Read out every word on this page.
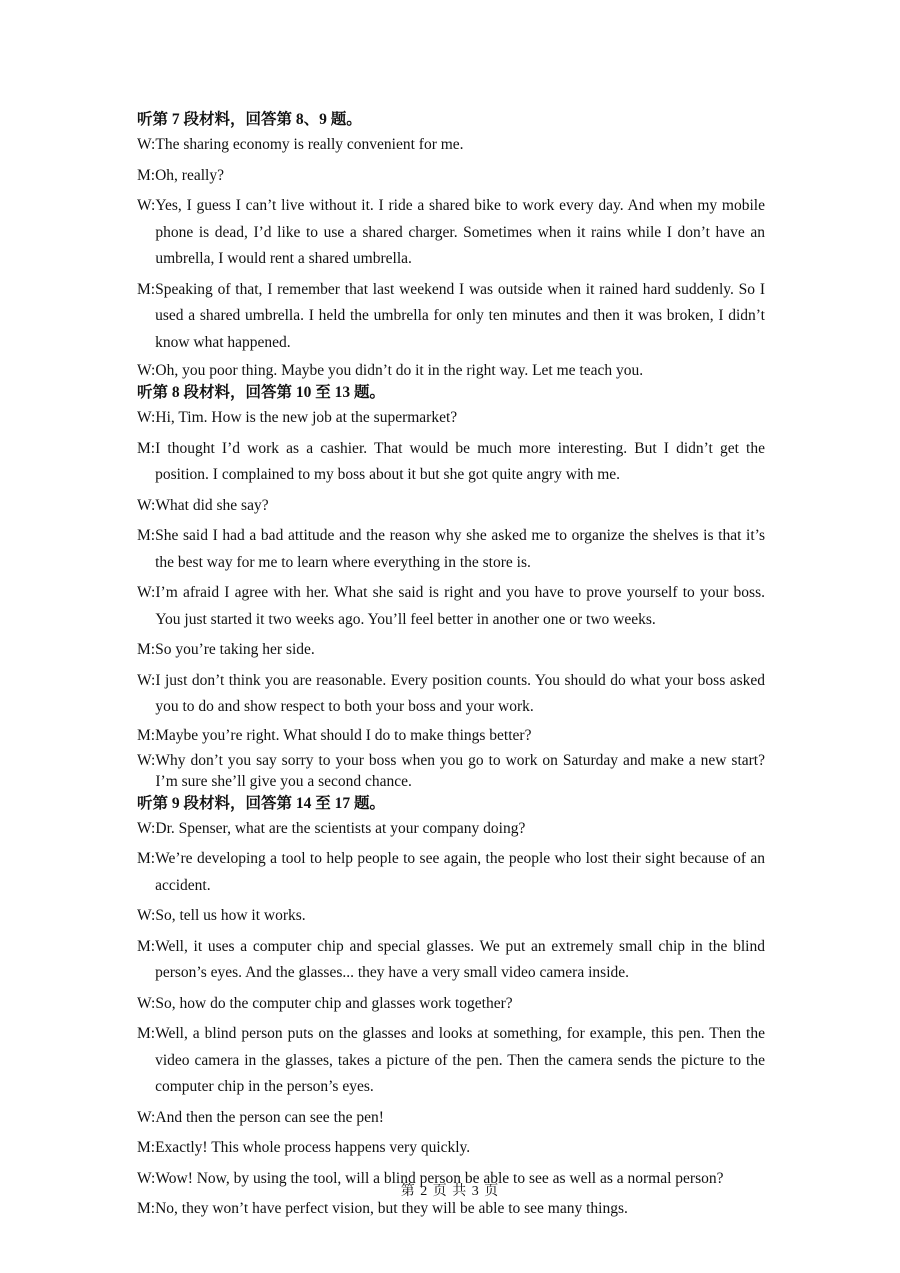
听第 7 段材料，回答第 8、9 题。
W: The sharing economy is really convenient for me.
M: Oh, really?
W: Yes, I guess I can’t live without it. I ride a shared bike to work every day. And when my mobile phone is dead, I’d like to use a shared charger. Sometimes when it rains while I don’t have an umbrella, I would rent a shared umbrella.
M: Speaking of that, I remember that last weekend I was outside when it rained hard suddenly. So I used a shared umbrella. I held the umbrella for only ten minutes and then it was broken, I didn’t know what happened.
W: Oh, you poor thing. Maybe you didn’t do it in the right way. Let me teach you.
听第 8 段材料，回答第 10 至 13 题。
W: Hi, Tim. How is the new job at the supermarket?
M: I thought I’d work as a cashier. That would be much more interesting. But I didn’t get the position. I complained to my boss about it but she got quite angry with me.
W: What did she say?
M: She said I had a bad attitude and the reason why she asked me to organize the shelves is that it’s the best way for me to learn where everything in the store is.
W: I’m afraid I agree with her. What she said is right and you have to prove yourself to your boss. You just started it two weeks ago. You’ll feel better in another one or two weeks.
M: So you’re taking her side.
W: I just don’t think you are reasonable. Every position counts. You should do what your boss asked you to do and show respect to both your boss and your work.
M: Maybe you’re right. What should I do to make things better?
W: Why don’t you say sorry to your boss when you go to work on Saturday and make a new start? I’m sure she’ll give you a second chance.
听第 9 段材料，回答第 14 至 17 题。
W: Dr. Spenser, what are the scientists at your company doing?
M: We’re developing a tool to help people to see again, the people who lost their sight because of an accident.
W: So, tell us how it works.
M: Well, it uses a computer chip and special glasses. We put an extremely small chip in the blind person’s eyes. And the glasses... they have a very small video camera inside.
W: So, how do the computer chip and glasses work together?
M: Well, a blind person puts on the glasses and looks at something, for example, this pen. Then the video camera in the glasses, takes a picture of the pen. Then the camera sends the picture to the computer chip in the person’s eyes.
W: And then the person can see the pen!
M: Exactly! This whole process happens very quickly.
W: Wow! Now, by using the tool, will a blind person be able to see as well as a normal person?
M: No, they won’t have perfect vision, but they will be able to see many things.
第 2 页 共 3 页
